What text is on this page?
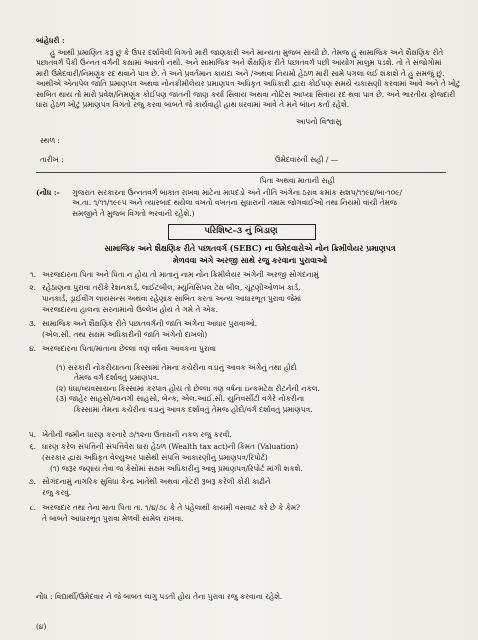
બાંહેધરી :
હું આથી પ્રમાણિત કરૂ છું કે ઉપર દર્શાવેલી વિગતો મારી જાણકારી અને માન્યતા મુજબ સાચી છે. તેમજ હું સામાજિક અને શૈક્ષણિક રીતે
પછાતવર્ગ પૈકી ઉન્નત વર્ગની કક્ષામાં આવતો નથી. અને સામાજિક અને શૈક્ષણિક રીતે પછાતવર્ગ પછી આયોગ માલુમ પડશે. તો તે સંજોગોમાં
મારી ઉમેદવારી/નિમણુંક રદ થવાને પાત્ર છે. તે અને પ્રવર્તમાન કાયદા અને /અથવા નિયમો હેઠળ મારી સામે પગલા લઈ શકાશે તે હું સમજું છું.
આથીએ એનાપેલ જાતિ પ્રમાણપત્ર અથવા નોનક્રીમીલેયર પ્રમાણપત્ર અધિકૃત અધિકારી દ્વારા કોઈપણ સમયે ચકાસણી કરવામાં આવે અને તે ખોટું
સાબિત થાય તો મારો પ્રવેશ/નિમણુંક કોઈપણ જાતની જાણ કર્યા સિવાય અથવા નોટિસ આપ્યા સિવાય રદ થવા પાત્ર છે. અને ભારતીય ફોજદારી
ધારા હેઠળ ખોટું પ્રમાણપત્ર વિગતો રજુ કરવા બાબતે જે કાર્યવાહી હાથ ધરવામાં આવે તે મને બંધન કર્તા રહેશે.
આપનો વિશ્વાસુ
સ્થળ :
તારીખ :	ઉમેદવારની સહી / —
પિતા અથવા માતાની સહી
(નોંધ :- ગુજરાત સરકારના ઉન્નતવર્ગ બાકાત રાખવા માટેના માપદંડો અને નીતિ અંગેના ઠરાવ ક્રમાંક સશપ/૧૧૯૪/બા-૧૦૯/
અ.તા. ૧/૧૧/૧૯૯૫ અને ત્યારબાદ થયેલા વખતો વખતના સુધારાની તમામ જોગવાઈઓ તથા નિયમો વાંચી તેમજ
સમજીને તે મુજબ વિગતો ભરવાની રહેશે.)
પરિશિષ્ટ-૩ નું બિડાણ
સામાજિક અને શૈક્ષણિક રીતે પછાતવર્ગ (SEBC) ના ઉમેદવારોએ નોન ક્રિમીલેયર પ્રમાણપત્ર
મેળવવા અંગે અરજી સાથે રજુ કરવાના પુરાવાઓ
૧. અરજદારના પિતા અને પિતા ન હોય તો માતાનું નામ નોન ક્રિમીલેયર અંગેની અરજી સોગંદનામું
૨. રહેઠાણના પુરાવા તરીકે રેશનકાર્ડ, લાઈટબીલ, મ્યુનિસિપલ ટેક્ષ બીલ, ચૂંટણીઓળખ કાર્ડ,
પાનકાર્ડ, ડ્રાઈવીંગ લાયસન્સ અથવા રહેણાંક સાબિત કરતા અન્ય આધારભૂત પુરાવા જેમાં
અરજદારના હાલના સરનામાનો ઉલ્લેખ હોય તે ગમે તે એક.
૩. સામાજિક અને શૈક્ષણિક રીતે પછાતવર્ગની જાતિ અંગેના આધાર પુરાવાઓ.
(એલ.સી. તથા સક્ષમ અધિકારીની જાતિ અંગેનો દાખલો)
૪. અરજદારના પિતા/માતાના છેલ્લા ત્રણ વર્ષના આવકના પુરાવા
(૧) સરકારી નોકરીયાતના કિસ્સામાં તેમના કચેરીના વડાનું આવક અંગેનું તથા હોદો
તેમજ વર્ગ દર્શાવતું પ્રમાણપત્ર.
(૨) ધંધા/વ્યવસાયના કિસ્સામાં કરપાત્ર હોય તો છેલ્લા ત્રણ વર્ષના ઇન્કમટેક્ષ રીટર્નની નકલ.
(૩) જાહેર સાહસો/ખાનગી સાહસો, બેન્ક, એલ.આઈ.સી. યુનિવર્સીટી વગેરે નોકરીના
કિસ્સામાં તેમના કચેરીના વડાનું આવક દર્શાવતું તેમજ હોદો/વર્ગ દર્શાવતું પ્રમાણપત્ર.
૫. ખેતીની જમીન ધારણ કરનારે ૭/૧૨ના ઉતારાની નકલ રજુ કરવી.
૬. ધારણ કરેલ સંપત્તિની સંપત્તિવેરા ધારા હેઠળ (Wealth tax act)ની કિંમત (Valuation)
(સરકાર દ્વારા અધિકૃત વેલ્યુઅર પાસેથી સંપત્તિ આકારણીનું પ્રમાણપત્ર/રિપોર્ટ)
(૧) જરૂર જણાય તેવા જ કેસોમાં સક્ષમ અધિકારીનું આવું પ્રમાણપત્ર/રિપોર્ટ માંગી શકશે.
૭. સોગંદનામું નાગરિક સુવિધા કેન્દ્ર ખાતેથી અથવા નોટરી રૂબરૂ કરેલી કોરી કાઢીને
રજુ કરવું.
૮. અરજદાર તથા તેના માતા પિતા તા. ૧/૪/૭૮ કે તે પહેલાથી કાયમી વસવાટ કરે છે કે કેમ?
તે બાબતે આધારભૂત પુરાવા મેળવી સામેલ રાખવા.
નોંધ : વિદ્યાર્થી/ઉમેદવાર ને જે બાબત લાગુ પડતી હોય તેના પુરાવા રજુ કરવાના રહેશે.
(૪)
